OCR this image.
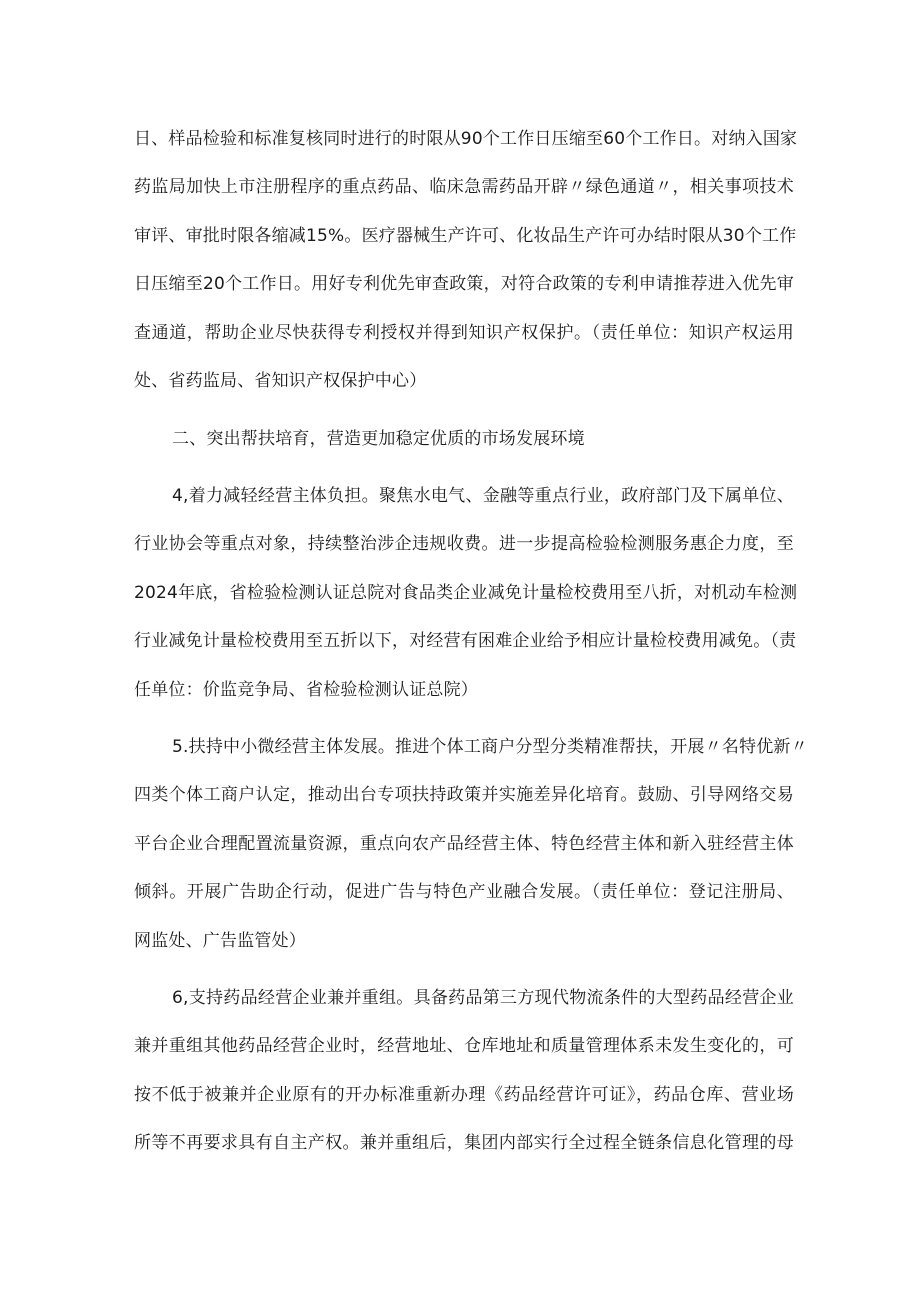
日、样品检验和标准复核同时进行的时限从90个工作日压缩至60个工作日。对纳入国家
药监局加快上市注册程序的重点药品、临床急需药品开辟〃绿色通道〃，相关事项技术
审评、审批时限各缩减15%。医疗器械生产许可、化妆品生产许可办结时限从30个工作
日压缩至20个工作日。用好专利优先审查政策，对符合政策的专利申请推荐进入优先审
查通道，帮助企业尽快获得专利授权并得到知识产权保护。（责任单位：知识产权运用
处、省药监局、省知识产权保护中心）
二、突出帮扶培育，营造更加稳定优质的市场发展环境
4,着力减轻经营主体负担。聚焦水电气、金融等重点行业，政府部门及下属单位、
行业协会等重点对象，持续整治涉企违规收费。进一步提高检验检测服务惠企力度，至
2024年底，省检验检测认证总院对食品类企业减免计量检校费用至八折，对机动车检测
行业减免计量检校费用至五折以下，对经营有困难企业给予相应计量检校费用减免。（责
任单位：价监竞争局、省检验检测认证总院）
5.扶持中小微经营主体发展。推进个体工商户分型分类精准帮扶，开展〃名特优新〃
四类个体工商户认定，推动出台专项扶持政策并实施差异化培育。鼓励、引导网络交易
平台企业合理配置流量资源，重点向农产品经营主体、特色经营主体和新入驻经营主体
倾斜。开展广告助企行动，促进广告与特色产业融合发展。（责任单位：登记注册局、
网监处、广告监管处）
6,支持药品经营企业兼并重组。具备药品第三方现代物流条件的大型药品经营企业
兼并重组其他药品经营企业时，经营地址、仓库地址和质量管理体系未发生变化的，可
按不低于被兼并企业原有的开办标准重新办理《药品经营许可证》，药品仓库、营业场
所等不再要求具有自主产权。兼并重组后，集团内部实行全过程全链条信息化管理的母
